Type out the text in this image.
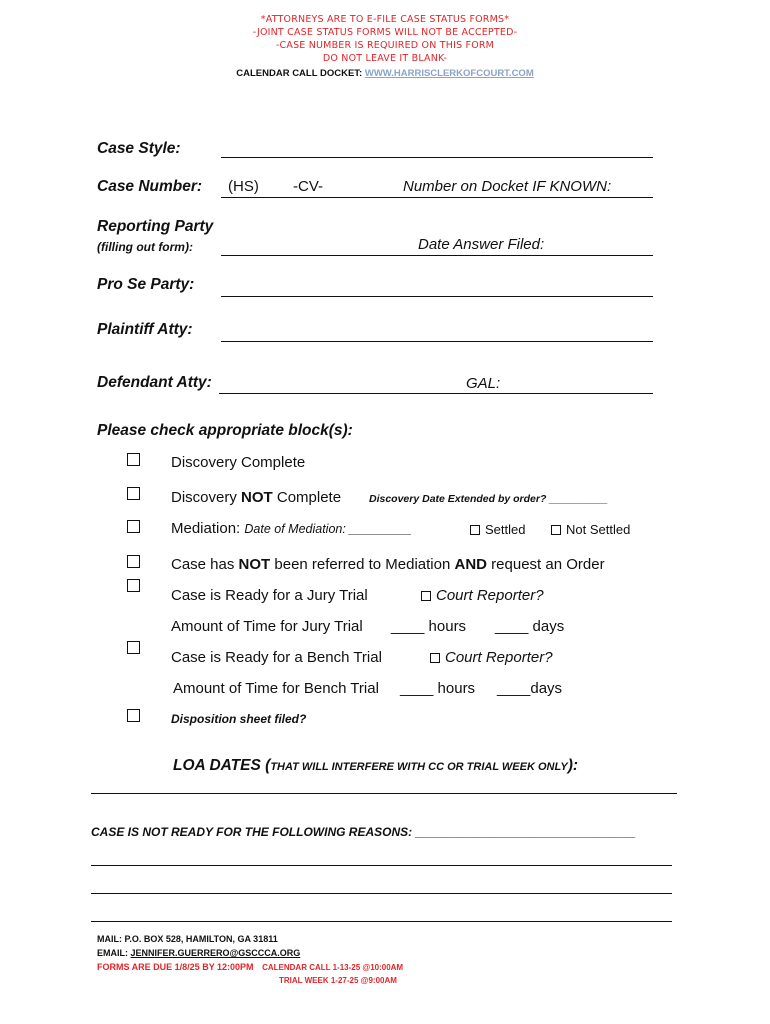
*ATTORNEYS ARE TO E-FILE CASE STATUS FORMS*
-JOINT CASE STATUS FORMS WILL NOT BE ACCEPTED-
-CASE NUMBER IS REQUIRED ON THIS FORM
DO NOT LEAVE IT BLANK-
CALENDAR CALL DOCKET: WWW.HARRISCLERKOFCOURT.COM
Case Style:
Case Number: (HS) -CV-	Number on Docket IF KNOWN:
Reporting Party
(filling out form):	Date Answer Filed:
Pro Se Party:
Plaintiff Atty:
Defendant Atty:	GAL:
Please check appropriate block(s):
Discovery Complete
Discovery NOT Complete	Discovery Date Extended by order? __________
Mediation: Date of Mediation: _________	Settled	Not Settled
Case has NOT been referred to Mediation AND request an Order
Case is Ready for a Jury Trial	Court Reporter?
Amount of Time for Jury Trial ____ hours ____ days
Case is Ready for a Bench Trial	Court Reporter?
Amount of Time for Bench Trial ____ hours ____days
Disposition sheet filed?
LOA DATES (THAT WILL INTERFERE WITH CC OR TRIAL WEEK ONLY):
CASE IS NOT READY FOR THE FOLLOWING REASONS: _________________________________
MAIL: P.O. BOX 528, HAMILTON, GA 31811
EMAIL: JENNIFER.GUERRERO@GSCCCA.ORG
FORMS ARE DUE 1/8/25 BY 12:00PM CALENDAR CALL 1-13-25 @10:00AM
TRIAL WEEK 1-27-25 @9:00AM
